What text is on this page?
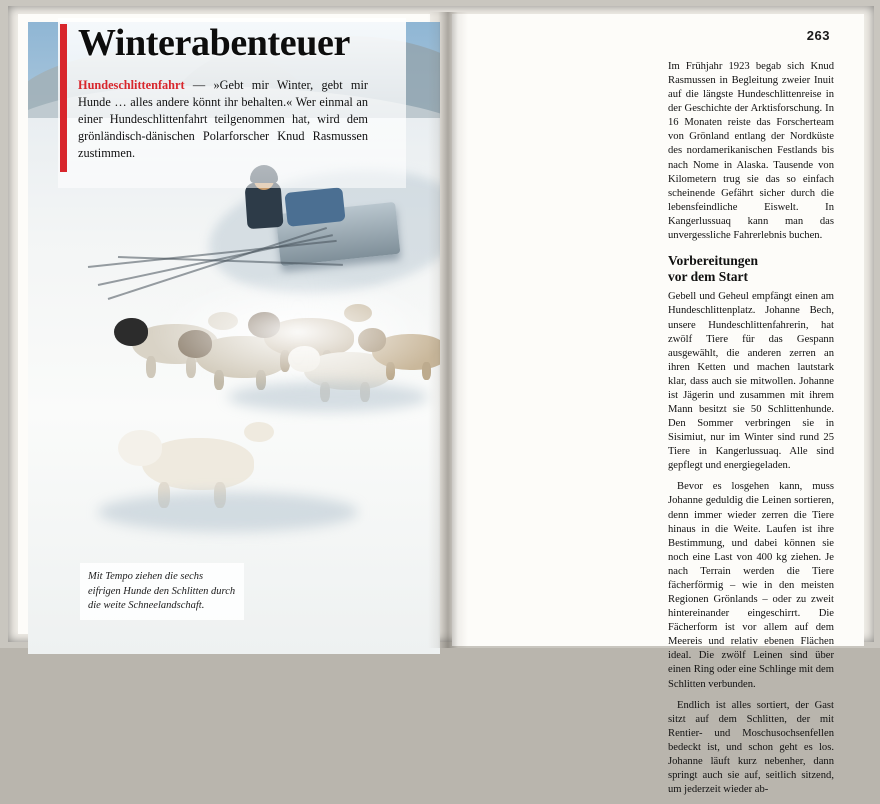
Mit Tempo ziehen die sechs eifrigen Hunde den Schlitten durch die weite Schneelandschaft.
Winterabenteuer

Hundeschlittenfahrt — »Gebt mir Winter, gebt mir Hunde … alles andere könnt ihr behalten.« Wer einmal an einer Hundeschlittenfahrt teilgenommen hat, wird dem grönländisch-dänischen Polarforscher Knud Rasmussen zustimmen.

263

Im Frühjahr 1923 begab sich Knud Rasmussen in Begleitung zweier Inuit auf die längste Hundeschlittenreise in der Geschichte der Arktisforschung. In 16 Monaten reiste das Forscherteam von Grönland entlang der Nordküste des nordamerikanischen Festlands bis nach Nome in Alaska. Tausende von Kilometern trug sie das so einfach scheinende Gefährt sicher durch die lebensfeindliche Eiswelt. In Kangerlussuaq kann man das unvergessliche Fahrerlebnis buchen.

Vorbereitungen
vor dem Start

Gebell und Geheul empfängt einen am Hundeschlittenplatz. Johanne Bech, unsere Hundeschlittenfahrerin, hat zwölf Tiere für das Gespann ausgewählt, die anderen zerren an ihren Ketten und machen lautstark klar, dass auch sie mitwollen. Johanne ist Jägerin und zusammen mit ihrem Mann besitzt sie 50 Schlittenhunde. Den Sommer verbringen sie in Sisimiut, nur im Winter sind rund 25 Tiere in Kangerlussuaq. Alle sind gepflegt und energiegeladen.

Bevor es losgehen kann, muss Johanne geduldig die Leinen sortieren, denn immer wieder zerren die Tiere hinaus in die Weite. Laufen ist ihre Bestimmung, und dabei können sie noch eine Last von 400 kg ziehen. Je nach Terrain werden die Tiere fächerförmig – wie in den meisten Regionen Grönlands – oder zu zweit hintereinander eingeschirrt. Die Fächerform ist vor allem auf dem Meereis und relativ ebenen Flächen ideal. Die zwölf Leinen sind über einen Ring oder eine Schlinge mit dem Schlitten verbunden.

Endlich ist alles sortiert, der Gast sitzt auf dem Schlitten, der mit Rentier- und Moschusochsenfellen bedeckt ist, und schon geht es los. Johanne läuft kurz nebenher, dann springt auch sie auf, seitlich sitzend, um jederzeit wieder ab-
